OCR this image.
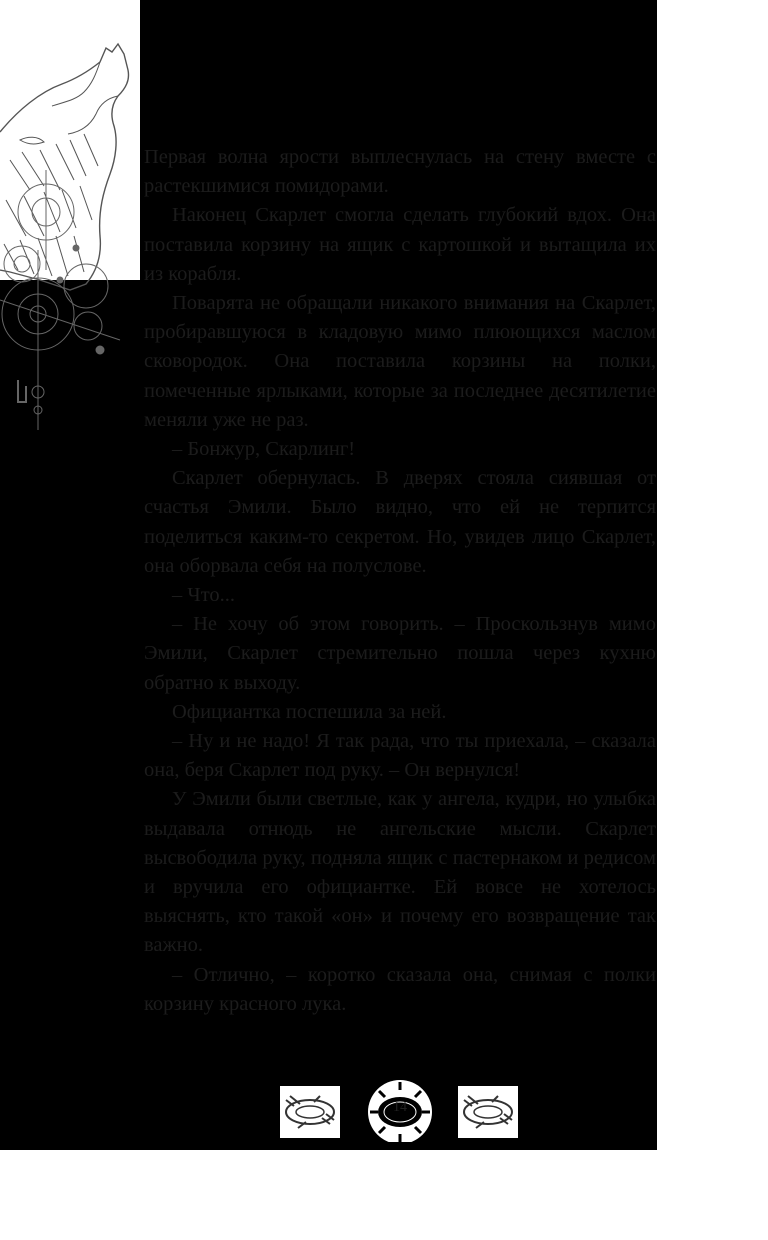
Первая волна ярости выплеснулась на стену вместе с растекшимися помидорами.

Наконец Скарлет смогла сделать глубокий вдох. Она поставила корзину на ящик с картошкой и вытащила их из корабля.

Поварята не обращали никакого внимания на Скарлет, пробиравшуюся в кладовую мимо плюющихся маслом сковородок. Она поставила корзины на полки, помеченные ярлыками, которые за последнее десятилетие меняли уже не раз.

– Бонжур, Скарлинг!

Скарлет обернулась. В дверях стояла сиявшая от счастья Эмили. Было видно, что ей не терпится поделиться каким-то секретом. Но, увидев лицо Скарлет, она оборвала себя на полуслове.

– Что...

– Не хочу об этом говорить. – Проскользнув мимо Эмили, Скарлет стремительно пошла через кухню обратно к выходу.

Официантка поспешила за ней.

– Ну и не надо! Я так рада, что ты приехала, – сказала она, беря Скарлет под руку. – Он вернулся!

У Эмили были светлые, как у ангела, кудри, но улыбка выдавала отнюдь не ангельские мысли. Скарлет высвободила руку, подняла ящик с пастернаком и редисом и вручила его официантке. Ей вовсе не хотелось выяснять, кто такой «он» и почему его возвращение так важно.

– Отлично, – коротко сказала она, снимая с полки корзину красного лука.

14
